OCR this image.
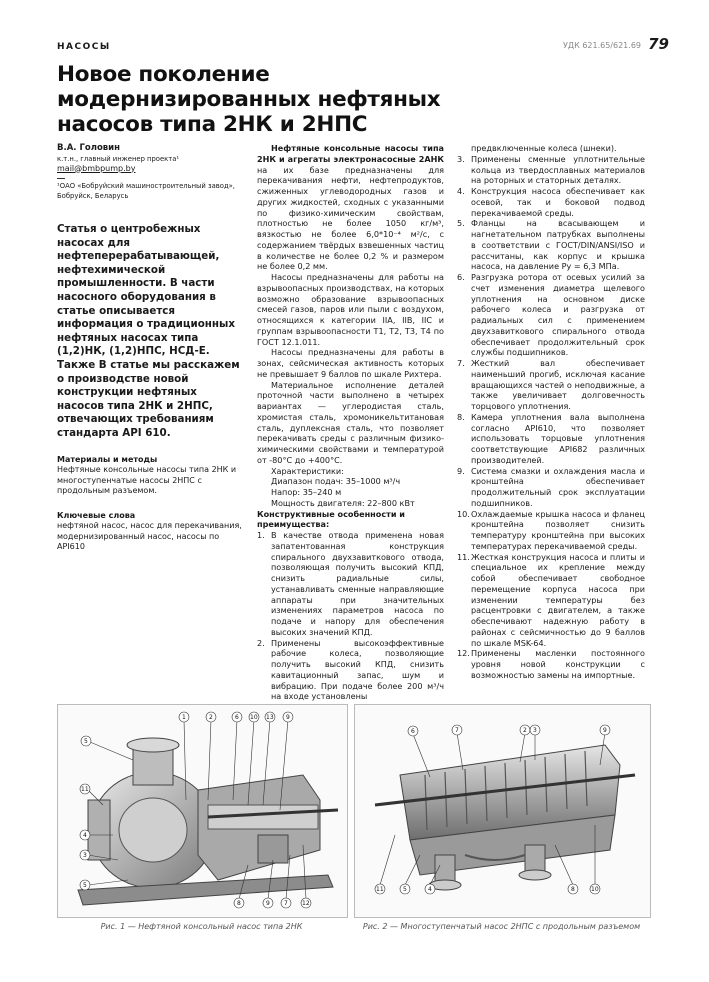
НАСОСЫ	УДК 621.65/621.69 79
Новое поколение модернизированных нефтяных насосов типа 2НК и 2НПС
В.А. Головин
к.т.н., главный инженер проекта¹
mail@bmbpump.by
¹ОАО «Бобруйский машиностроительный завод», Бобруйск, Беларусь
Статья о центробежных насосах для нефтеперерабатывающей, нефтехимической промышленности. В части насосного оборудования в статье описывается информация о традиционных нефтяных насосах типа (1,2)НК, (1,2)НПС, НСД-Е. Также В статье мы расскажем о производстве новой конструкции нефтяных насосов типа 2НК и 2НПС, отвечающих требованиям стандарта API 610.
Материалы и методы
Нефтяные консольные насосы типа 2НК и многоступенчатые насосы 2НПС с продольным разъемом.
Ключевые слова
нефтяной насос, насос для перекачивания, модернизированный насос, насосы по API610

Нефтяные консольные насосы типа 2НК и агрегаты электронасосные 2АНК на их базе предназначены для перекачивания нефти, нефтепродуктов, сжиженных углеводородных газов и других жидкостей, сходных с указанными по физико-химическим свойствам, плотностью не более 1050 кг/м³, вязкостью не более 6,0*10⁻⁴ м²/с, с содержанием твёрдых взвешенных частиц в количестве не более 0,2 % и размером не более 0,2 мм.

Насосы предназначены для работы на взрывоопасных производствах, на которых возможно образование взрывоопасных смесей газов, паров или пыли с воздухом, относящихся к категории IIA, IIB, IIC и группам взрывоопасности Т1, Т2, Т3, Т4 по ГОСТ 12.1.011.

Насосы предназначены для работы в зонах, сейсмическая активность которых не превышает 9 баллов по шкале Рихтера.

Материальное исполнение деталей проточной части выполнено в четырех вариантах — углеродистая сталь, хромистая сталь, хромоникельтитановая сталь, дуплексная сталь, что позволяет перекачивать среды с различным физико-химическими свойствами и температурой от -80°С до +400°С.

Характеристики:

Диапазон подач: 35–1000 м³/ч

Напор: 35–240 м

Мощность двигателя: 22–800 кВт

Конструктивные особенности и преимущества:

1. В качестве отвода применена новая запатентованная конструкция спирального двухзавиткового отвода, позволяющая получить высокий КПД, снизить радиальные силы, устанавливать сменные направляющие аппараты при значительных изменениях параметров насоса по подаче и напору для обеспечения высоких значений КПД.
2. Применены высокоэффективные рабочие колеса, позволяющие получить высокий КПД, снизить кавитационный запас, шум и вибрацию. При подаче более 200 м³/ч на входе установлены

предвключенные колеса (шнеки).

3. Применены сменные уплотнительные кольца из твердосплавных материалов на роторных и статорных деталях.
4. Конструкция насоса обеспечивает как осевой, так и боковой подвод перекачиваемой среды.
5. Фланцы на всасывающем и нагнетательном патрубках выполнены в соответствии с ГОСТ/DIN/ANSI/ISO и рассчитаны, как корпус и крышка насоса, на давление Ру = 6,3 МПа.
6. Разгрузка ротора от осевых усилий за счет изменения диаметра щелевого уплотнения на основном диске рабочего колеса и разгрузка от радиальных сил с применением двухзавиткового спирального отвода обеспечивает продолжительный срок службы подшипников.
7. Жесткий вал обеспечивает наименьший прогиб, исключая касание вращающихся частей о неподвижные, а также увеличивает долговечность торцового уплотнения.
8. Камера уплотнения вала выполнена согласно API610, что позволяет использовать торцовые уплотнения соответствующие API682 различных производителей.
9. Система смазки и охлаждения масла и кронштейна обеспечивает продолжительный срок эксплуатации подшипников.
10. Охлаждаемые крышка насоса и фланец кронштейна позволяет снизить температуру кронштейна при высоких температурах перекачиваемой среды.
11. Жесткая конструкция насоса и плиты и специальное их крепление между собой обеспечивает свободное перемещение корпуса насоса при изменении температуры без расцентровки с двигателем, а также обеспечивают надежную работу в районах с сейсмичностью до 9 баллов по шкале MSK-64.
12. Применены масленки постоянного уровня новой конструкции с возможностью замены на импортные.
1	2	6 10 13 9
5
11
4
3
5
8	9 7 12
Рис. 1 — Нефтяной консольный насос типа 2НК
6	7	2 3	9
11	5	4	8	10
Рис. 2 — Многоступенчатый насос 2НПС с продольным разъемом
